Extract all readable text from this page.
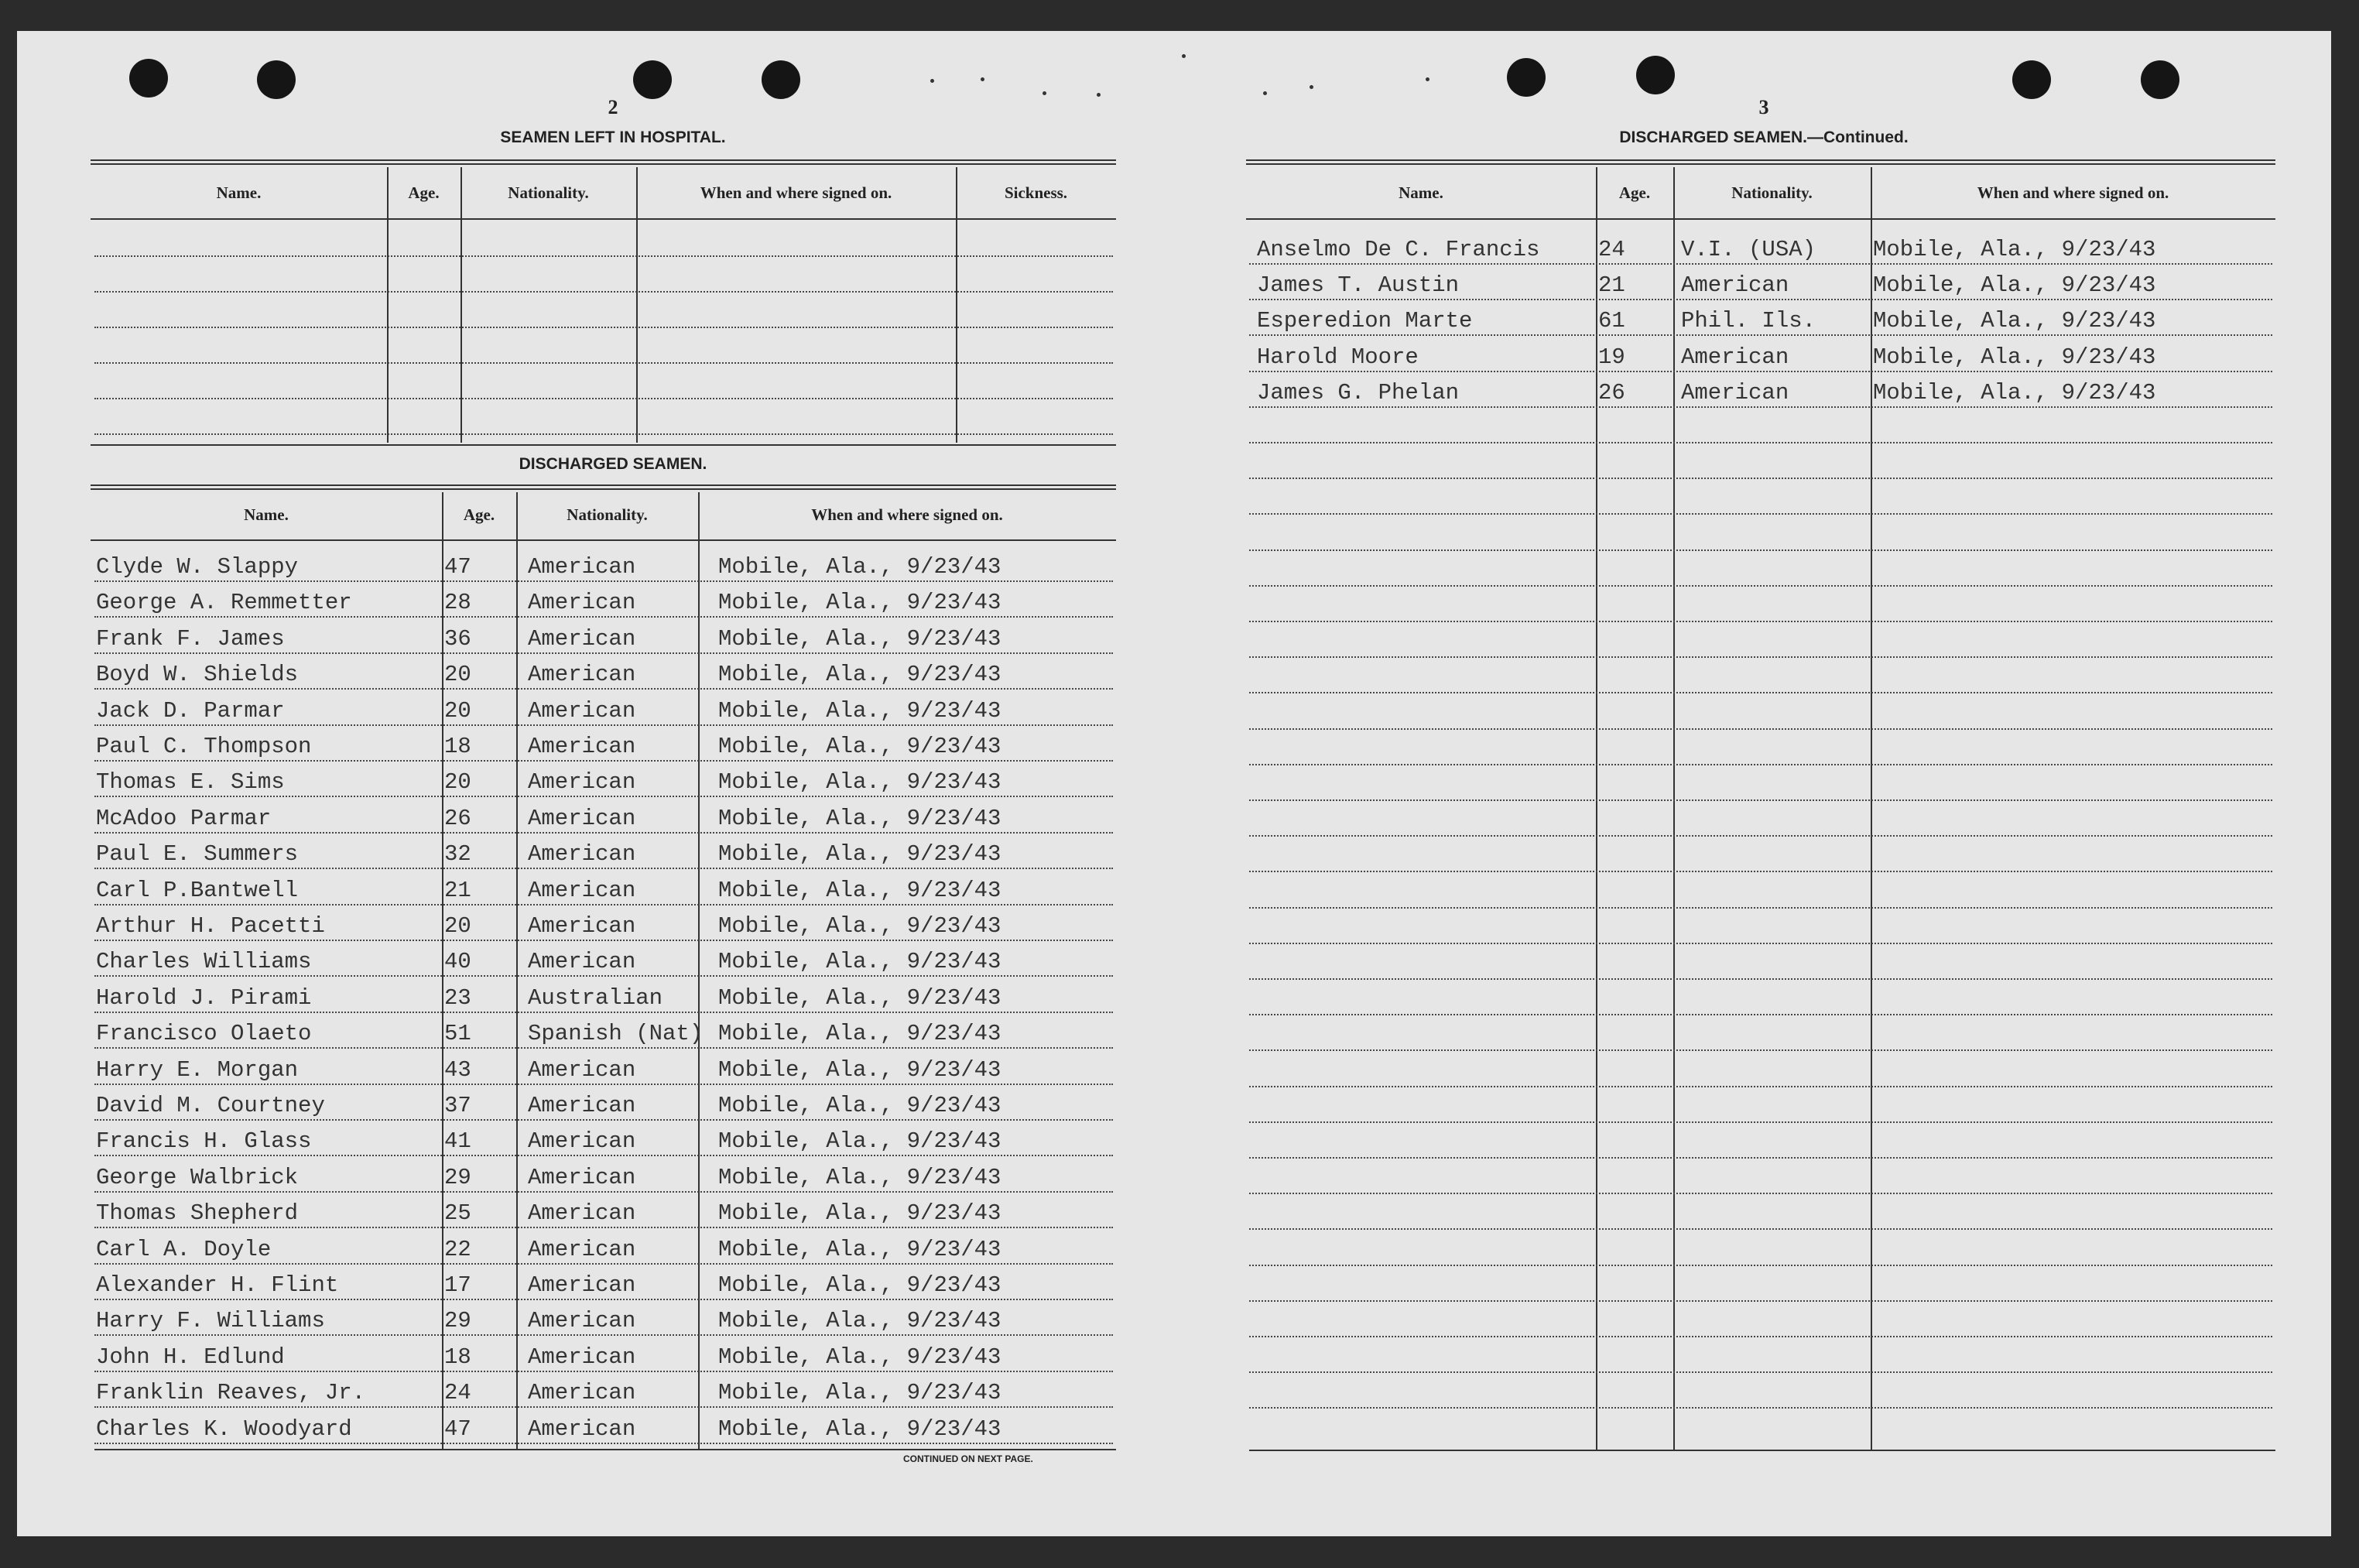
2
SEAMEN LEFT IN HOSPITAL.
DISCHARGED SEAMEN.
CONTINUED ON NEXT PAGE.
3
DISCHARGED SEAMEN.—Continued.
Name.	Age.	Nationality.	When and where signed on.	Sickness.
Name.	Age.	Nationality.	When and where signed on.
Clyde W. Slappy	47	American	Mobile, Ala., 9/23/43
George A. Remmetter	28	American	Mobile, Ala., 9/23/43
Frank F. James	36	American	Mobile, Ala., 9/23/43
Boyd W. Shields	20	American	Mobile, Ala., 9/23/43
Jack D. Parmar	20	American	Mobile, Ala., 9/23/43
Paul C. Thompson	18	American	Mobile, Ala., 9/23/43
Thomas E. Sims	20	American	Mobile, Ala., 9/23/43
McAdoo Parmar	26	American	Mobile, Ala., 9/23/43
Paul E. Summers	32	American	Mobile, Ala., 9/23/43
Carl P.Bantwell	21	American	Mobile, Ala., 9/23/43
Arthur H. Pacetti	20	American	Mobile, Ala., 9/23/43
Charles Williams	40	American	Mobile, Ala., 9/23/43
Harold J. Pirami	23	Australian Mobile, Ala., 9/23/43
Francisco Olaeto	51	Spanish (Nat) Mobile, Ala., 9/23/43
Harry E. Morgan	43	American	Mobile, Ala., 9/23/43
David M. Courtney	37	American	Mobile, Ala., 9/23/43
Francis H. Glass	41	American	Mobile, Ala., 9/23/43
George Walbrick	29	American	Mobile, Ala., 9/23/43
Thomas Shepherd	25	American	Mobile, Ala., 9/23/43
Carl A. Doyle	22	American	Mobile, Ala., 9/23/43
Alexander H. Flint	17	American	Mobile, Ala., 9/23/43
Harry F. Williams	29	American	Mobile, Ala., 9/23/43
John H. Edlund	18	American	Mobile, Ala., 9/23/43
Franklin Reaves, Jr.	24	American	Mobile, Ala., 9/23/43
Charles K. Woodyard	47	American	Mobile, Ala., 9/23/43
Name.	Age.	Nationality.	When and where signed on.
Anselmo De C. Francis	24 V.I. (USA)	Mobile, Ala., 9/23/43
James T. Austin	21 American	Mobile, Ala., 9/23/43
Esperedion Marte	61 Phil. Ils.	Mobile, Ala., 9/23/43
Harold Moore	19 American	Mobile, Ala., 9/23/43
James G. Phelan	26 American	Mobile, Ala., 9/23/43
